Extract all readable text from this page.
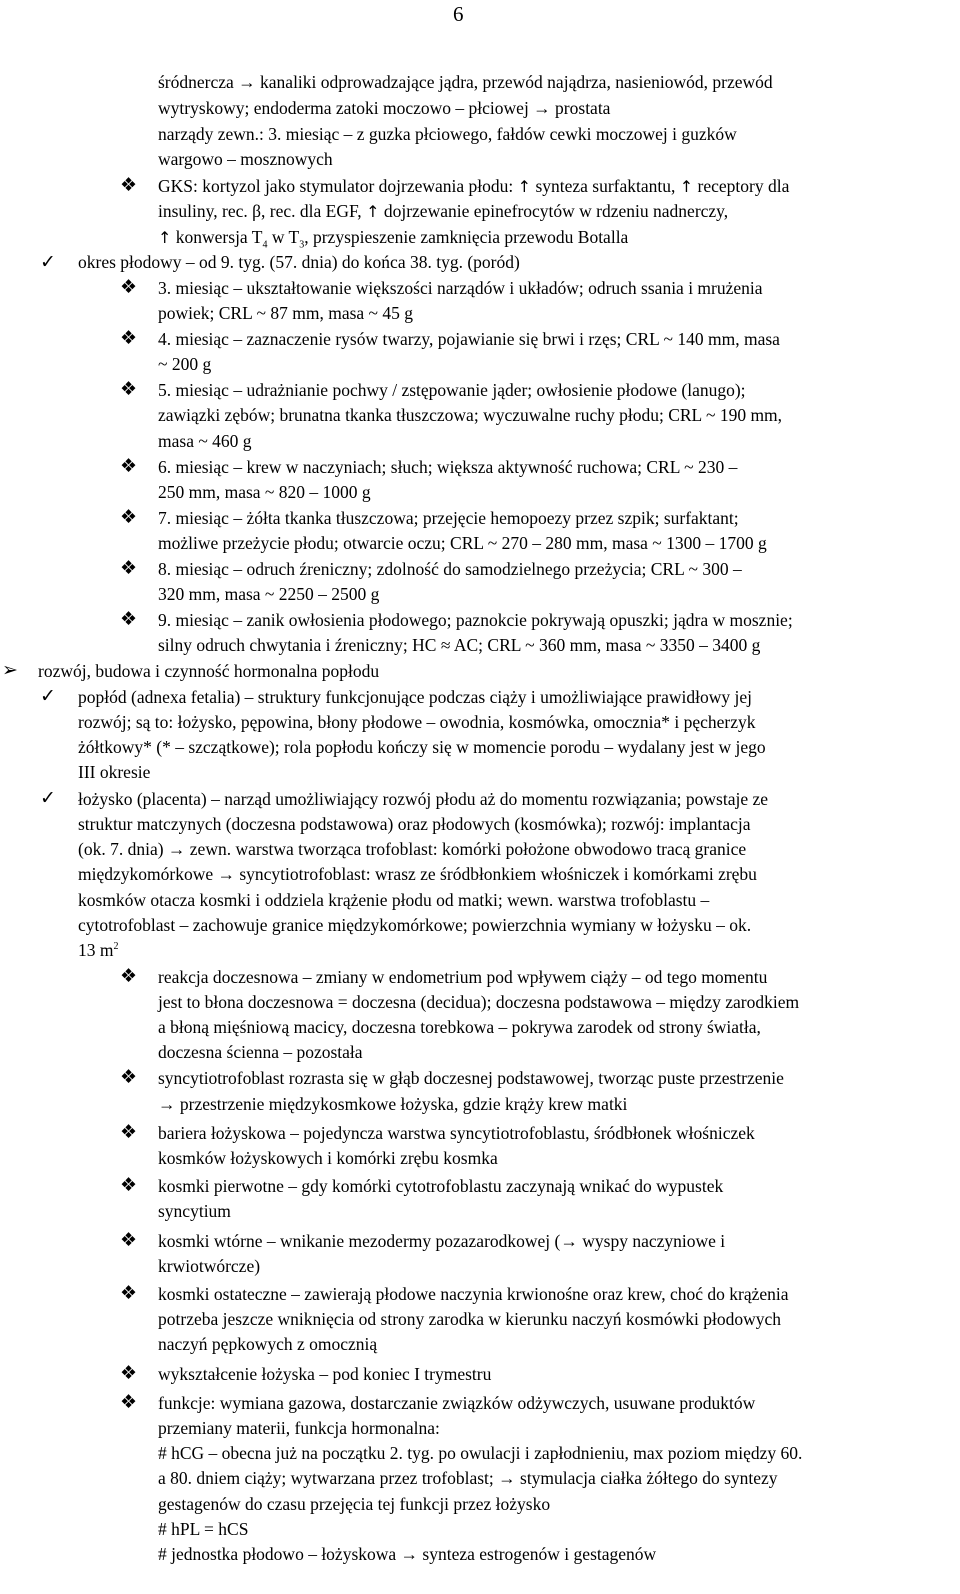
6
śródnercza → kanaliki odprowadzające jądra, przewód najądrza, nasieniowód, przewód
wytryskowy; endoderma zatoki moczowo – płciowej → prostata
narządy zewn.: 3. miesiąc – z guzka płciowego, fałdów cewki moczowej i guzków
wargowo – mosznowych
❖ GKS: kortyzol jako stymulator dojrzewania płodu: ↑ synteza surfaktantu, ↑ receptory dla
insuliny, rec. β, rec. dla EGF, ↑ dojrzewanie epinefrocytów w rdzeniu nadnerczy,
↑ konwersja $T_4$ w $T_3$, przyspieszenie zamknięcia przewodu Botalla
✓ okres płodowy – od 9. tyg. (57. dnia) do końca 38. tyg. (poród)
❖ 3. miesiąc – ukształtowanie większości narządów i układów; odruch ssania i mrużenia
powiek; CRL ~ 87 mm, masa ~ 45 g
❖ 4. miesiąc – zaznaczenie rysów twarzy, pojawianie się brwi i rzęs; CRL ~ 140 mm, masa
~ 200 g
❖ 5. miesiąc – udrażnianie pochwy / zstępowanie jąder; owłosienie płodowe (lanugo);
zawiązki zębów; brunatna tkanka tłuszczowa; wyczuwalne ruchy płodu; CRL ~ 190 mm,
masa ~ 460 g
❖ 6. miesiąc – krew w naczyniach; słuch; większa aktywność ruchowa; CRL ~ 230 –
250 mm, masa ~ 820 – 1000 g
❖ 7. miesiąc – żółta tkanka tłuszczowa; przejęcie hemopoezy przez szpik; surfaktant;
możliwe przeżycie płodu; otwarcie oczu; CRL ~ 270 – 280 mm, masa ~ 1300 – 1700 g
❖ 8. miesiąc – odruch źreniczny; zdolność do samodzielnego przeżycia; CRL ~ 300 –
320 mm, masa ~ 2250 – 2500 g
❖ 9. miesiąc – zanik owłosienia płodowego; paznokcie pokrywają opuszki; jądra w mosznie;
silny odruch chwytania i źreniczny; HC ≈ AC; CRL ~ 360 mm, masa ~ 3350 – 3400 g
➢ rozwój, budowa i czynność hormonalna popłodu
✓ popłód (adnexa fetalia) – struktury funkcjonujące podczas ciąży i umożliwiające prawidłowy jej
rozwój; są to: łożysko, pępowina, błony płodowe – owodnia, kosmówka, omocznia* i pęcherzyk
żółtkowy* (* – szczątkowe); rola popłodu kończy się w momencie porodu – wydalany jest w jego
III okresie
✓ łożysko (placenta) – narząd umożliwiający rozwój płodu aż do momentu rozwiązania; powstaje ze
struktur matczynych (doczesna podstawowa) oraz płodowych (kosmówka); rozwój: implantacja
(ok. 7. dnia) → zewn. warstwa tworząca trofoblast: komórki położone obwodowo tracą granice
międzykomórkowe → syncytiotrofoblast: wrasz ze śródbłonkiem włośniczek i komórkami zrębu
kosmków otacza kosmki i oddziela krążenie płodu od matki; wewn. warstwa trofoblastu –
cytotrofoblast – zachowuje granice międzykomórkowe; powierzchnia wymiany w łożysku – ok.
13 $m^2$
❖ reakcja doczesnowa – zmiany w endometrium pod wpływem ciąży – od tego momentu
jest to błona doczesnowa = doczesna (decidua); doczesna podstawowa – między zarodkiem
a błoną mięśniową macicy, doczesna torebkowa – pokrywa zarodek od strony światła,
doczesna ścienna – pozostała
❖ syncytiotrofoblast rozrasta się w głąb doczesnej podstawowej, tworząc puste przestrzenie
→ przestrzenie międzykosmkowe łożyska, gdzie krąży krew matki
❖ bariera łożyskowa – pojedyncza warstwa syncytiotrofoblastu, śródbłonek włośniczek
kosmków łożyskowych i komórki zrębu kosmka
❖ kosmki pierwotne – gdy komórki cytotrofoblastu zaczynają wnikać do wypustek
syncytium
❖ kosmki wtórne – wnikanie mezodermy pozazarodkowej (→ wyspy naczyniowe i
krwiotwórcze)
❖ kosmki ostateczne – zawierają płodowe naczynia krwionośne oraz krew, choć do krążenia
potrzeba jeszcze wniknięcia od strony zarodka w kierunku naczyń kosmówki płodowych
naczyń pępkowych z omocznią
❖ wykształcenie łożyska – pod koniec I trymestru
❖ funkcje: wymiana gazowa, dostarczanie związków odżywczych, usuwane produktów
przemiany materii, funkcja hormonalna:
# hCG – obecna już na początku 2. tyg. po owulacji i zapłodnieniu, max poziom między 60.
a 80. dniem ciąży; wytwarzana przez trofoblast; → stymulacja ciałka żółtego do syntezy
gestagenów do czasu przejęcia tej funkcji przez łożysko
# hPL = hCS
# jednostka płodowo – łożyskowa → synteza estrogenów i gestagenów
